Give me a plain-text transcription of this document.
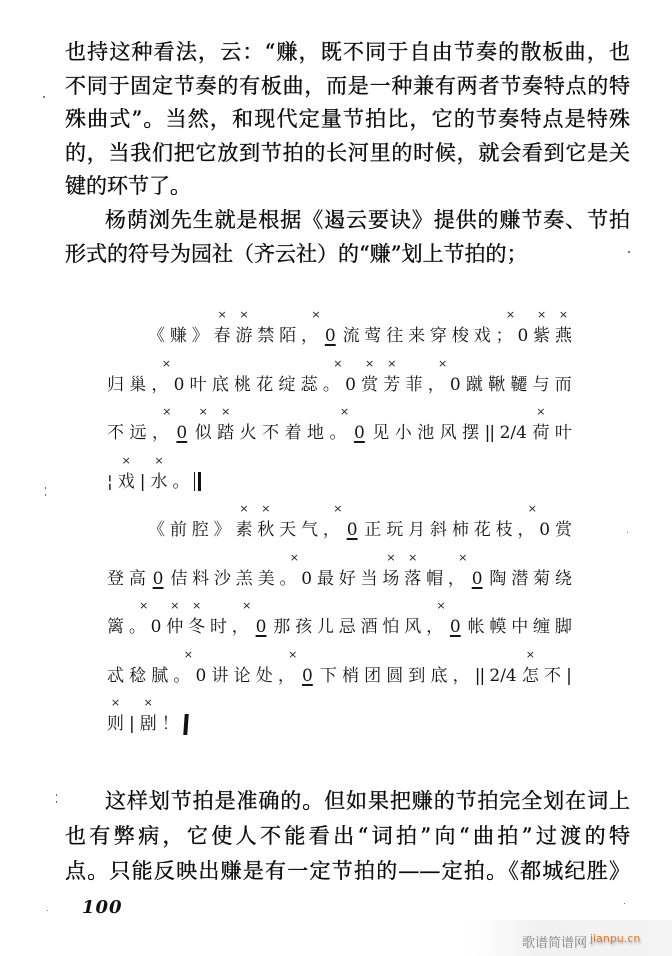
也持这种看法，云：“赚，既不同于自由节奏的散板曲，也
不同于固定节奏的有板曲，而是一种兼有两者节奏特点的特
殊曲式”。当然，和现代定量节拍比，它的节奏特点是特殊
的，当我们把它放到节拍的长河里的时候，就会看到它是关
键的环节了。
杨荫浏先生就是根据《遏云要诀》提供的赚节奏、节拍
形式的符号为园社（齐云社）的“赚”划上节拍的；
《 赚 》 春
×
游
×
禁 陌 ，
×
0 流 莺 往 来 穿 梭 戏 ；
×
0 紫
×
燕
×
归 巢 ，
×
0 叶 底 桃 花 绽 蕊 。
×
0 赏
×
芳
×
菲 ，
×
0 蹴 鞦 韆 与 而
不 远 ，
×
0 似
×
踏
×
火 不 着 地 。
×
0 见 小 池 风 摆 || 2/4 荷
×
叶
¦ 戏
×
| 水
×
。
《 前 腔 》 素
×
秋
×
天 气 ，
×
0 正 玩 月 斜 柿 花 枝 ，
×
0 赏
登 高 0 佶 料 沙 羔 美 。
×
0 最 好 当 场
×
落
×
帽 ，
×
0 陶 潜 菊 绕
篱 。
×
0 仲
×
冬
×
时 ，
×
0 那 孩 儿 忌 酒 怕 风 ，
×
0 帐 幙 中 缠 脚
忒 稔 腻 。
×
0 讲 论 处 ，
×
0 下 梢 团 圆 到 底 ， || 2/4 怎
×
不 |
则
×
| 剧
×
！
这样划节拍是准确的。但如果把赚的节拍完全划在词上
也有弊病，它使人不能看出“词拍”向“曲拍”过渡的特
点。只能反映出赚是有一定节拍的——定拍。《都城纪胜》
100
歌谱简谱网 jianpu.cn
